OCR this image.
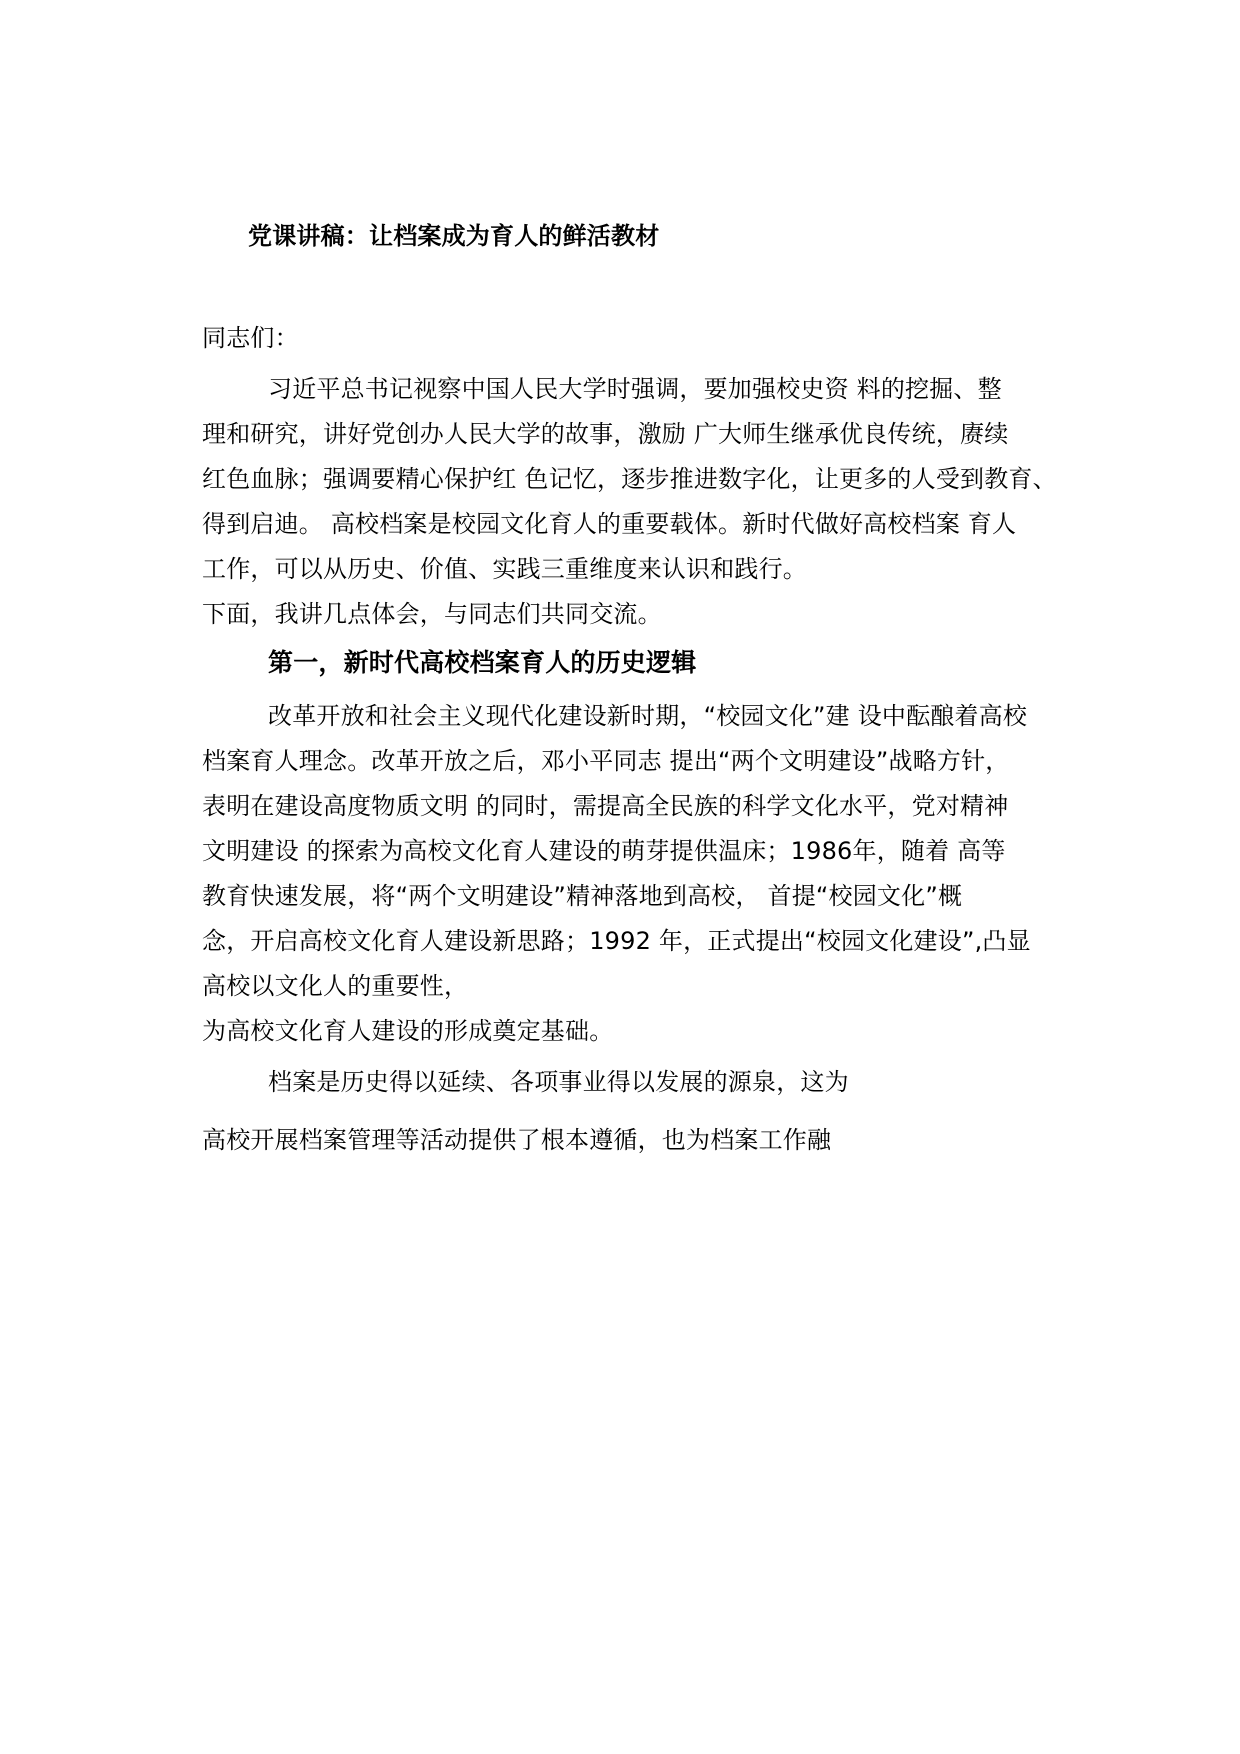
党课讲稿：让档案成为育人的鲜活教材
同志们：
习近平总书记视察中国人民大学时强调，要加强校史资 料的挖掘、整
理和研究，讲好党创办人民大学的故事，激励 广大师生继承优良传统，赓续
红色血脉；强调要精心保护红 色记忆，逐步推进数字化，让更多的人受到教育、
得到启迪。 高校档案是校园文化育人的重要载体。新时代做好高校档案 育人
工作，可以从历史、价值、实践三重维度来认识和践行。
下面，我讲几点体会，与同志们共同交流。
第一，新时代高校档案育人的历史逻辑
改革开放和社会主义现代化建设新时期，“校园文化”建 设中酝酿着高校
档案育人理念。改革开放之后，邓小平同志 提出“两个文明建设”战略方针，
表明在建设高度物质文明 的同时，需提高全民族的科学文化水平，党对精神
文明建设 的探索为高校文化育人建设的萌芽提供温床；1986年，随着 高等
教育快速发展，将“两个文明建设”精神落地到高校， 首提“校园文化”概
念，开启高校文化育人建设新思路；1992 年，正式提出“校园文化建设”,凸显
高校以文化人的重要性，
为高校文化育人建设的形成奠定基础。
档案是历史得以延续、各项事业得以发展的源泉，这为
高校开展档案管理等活动提供了根本遵循，也为档案工作融
